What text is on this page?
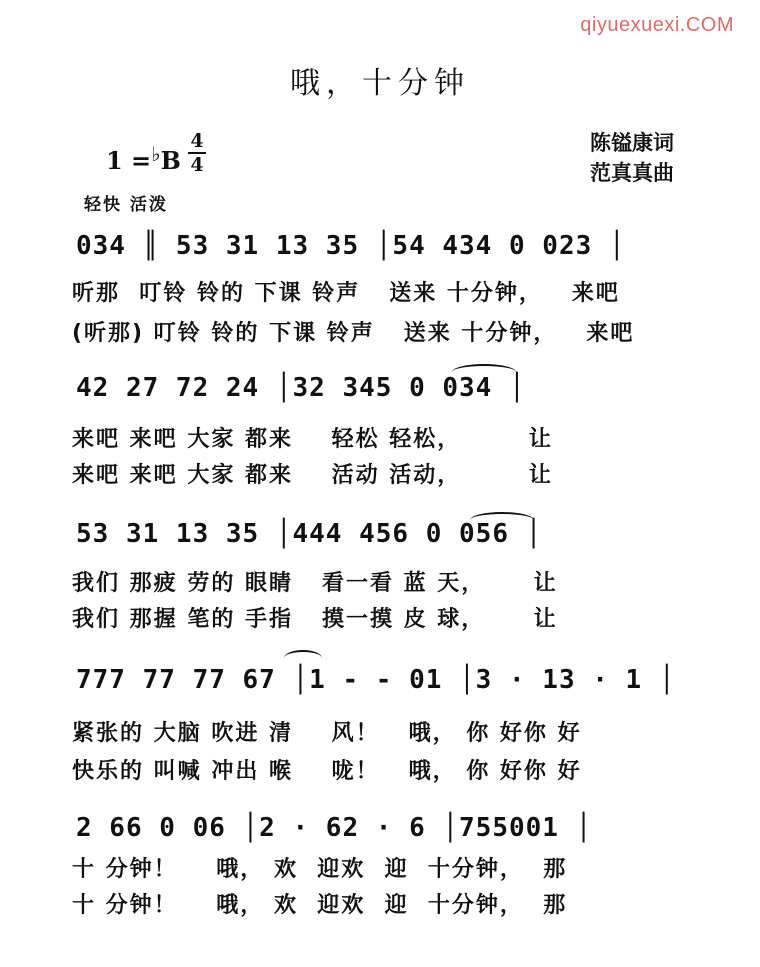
qiyuexuexi.COM
哦，十分钟
1 =♭B
4
4
陈镒康词
范真真曲
轻快 活泼
034 ║ 53 31 13 35 │54 434 0 023 │
听那  叮铃 铃的 下课 铃声   送来 十分钟，   来吧
(听那) 叮铃 铃的 下课 铃声   送来 十分钟，   来吧
42 27 72 24 │32 345 0 034 │
来吧 来吧 大家 都来    轻松 轻松，       让
来吧 来吧 大家 都来    活动 活动，       让
53 31 13 35 │444 456 0 056 │
我们 那疲 劳的 眼睛   看一看 蓝 天，     让
我们 那握 笔的 手指   摸一摸 皮 球，     让
777 77 77 67 │1 - - 01 │3 · 13 · 1 │
紧张的 大脑 吹进 清    风！   哦， 你 好你 好
快乐的 叫喊 冲出 喉    咙！   哦， 你 好你 好
2 66 0 06 │2 · 62 · 6 │755001 │
十 分钟！    哦， 欢  迎欢  迎  十分钟，  那
十 分钟！    哦， 欢  迎欢  迎  十分钟，  那
